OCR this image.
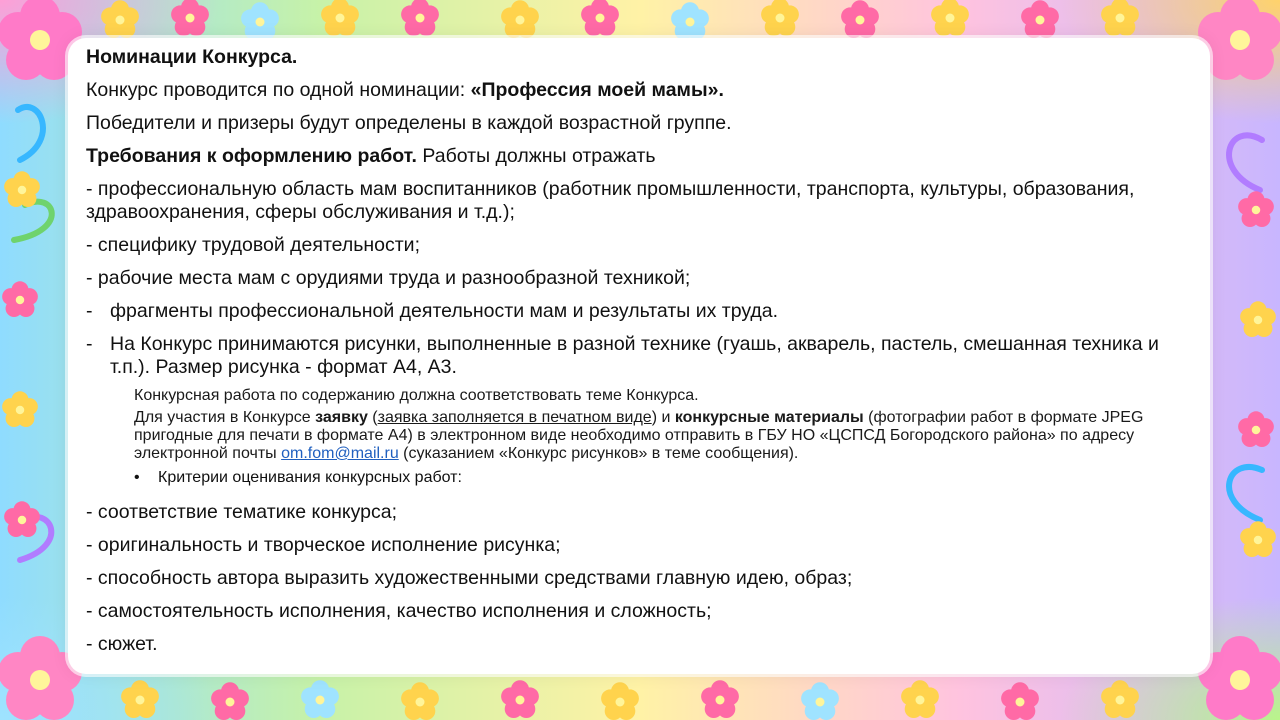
Номинации Конкурса.
Конкурс проводится по одной номинации: «Профессия моей мамы».
Победители и призеры будут определены в каждой возрастной группе.
Требования к оформлению работ. Работы должны отражать
- профессиональную область мам воспитанников (работник промышленности, транспорта, культуры, образования, здравоохранения, сферы обслуживания и т.д.);
- специфику трудовой деятельности;
- рабочие места мам с орудиями труда и разнообразной техникой;
- фрагменты профессиональной деятельности мам и результаты их труда.
- На Конкурс принимаются рисунки, выполненные в разной технике (гуашь, акварель, пастель, смешанная техника и т.п.). Размер рисунка - формат А4, А3.
Конкурсная работа по содержанию должна соответствовать теме Конкурса.
Для участия в Конкурсе заявку (заявка заполняется в печатном виде) и конкурсные материалы (фотографии работ в формате JPEG пригодные для печати в формате А4) в электронном виде необходимо отправить в ГБУ НО «ЦСПСД Богородского района» по адресу электронной почты om.fom@mail.ru (суказанием «Конкурс рисунков» в теме сообщения).
•	Критерии оценивания конкурсных работ:
- соответствие тематике конкурса;
- оригинальность и творческое исполнение рисунка;
- способность автора выразить художественными средствами главную идею, образ;
- самостоятельность исполнения, качество исполнения и сложность;
- сюжет.
